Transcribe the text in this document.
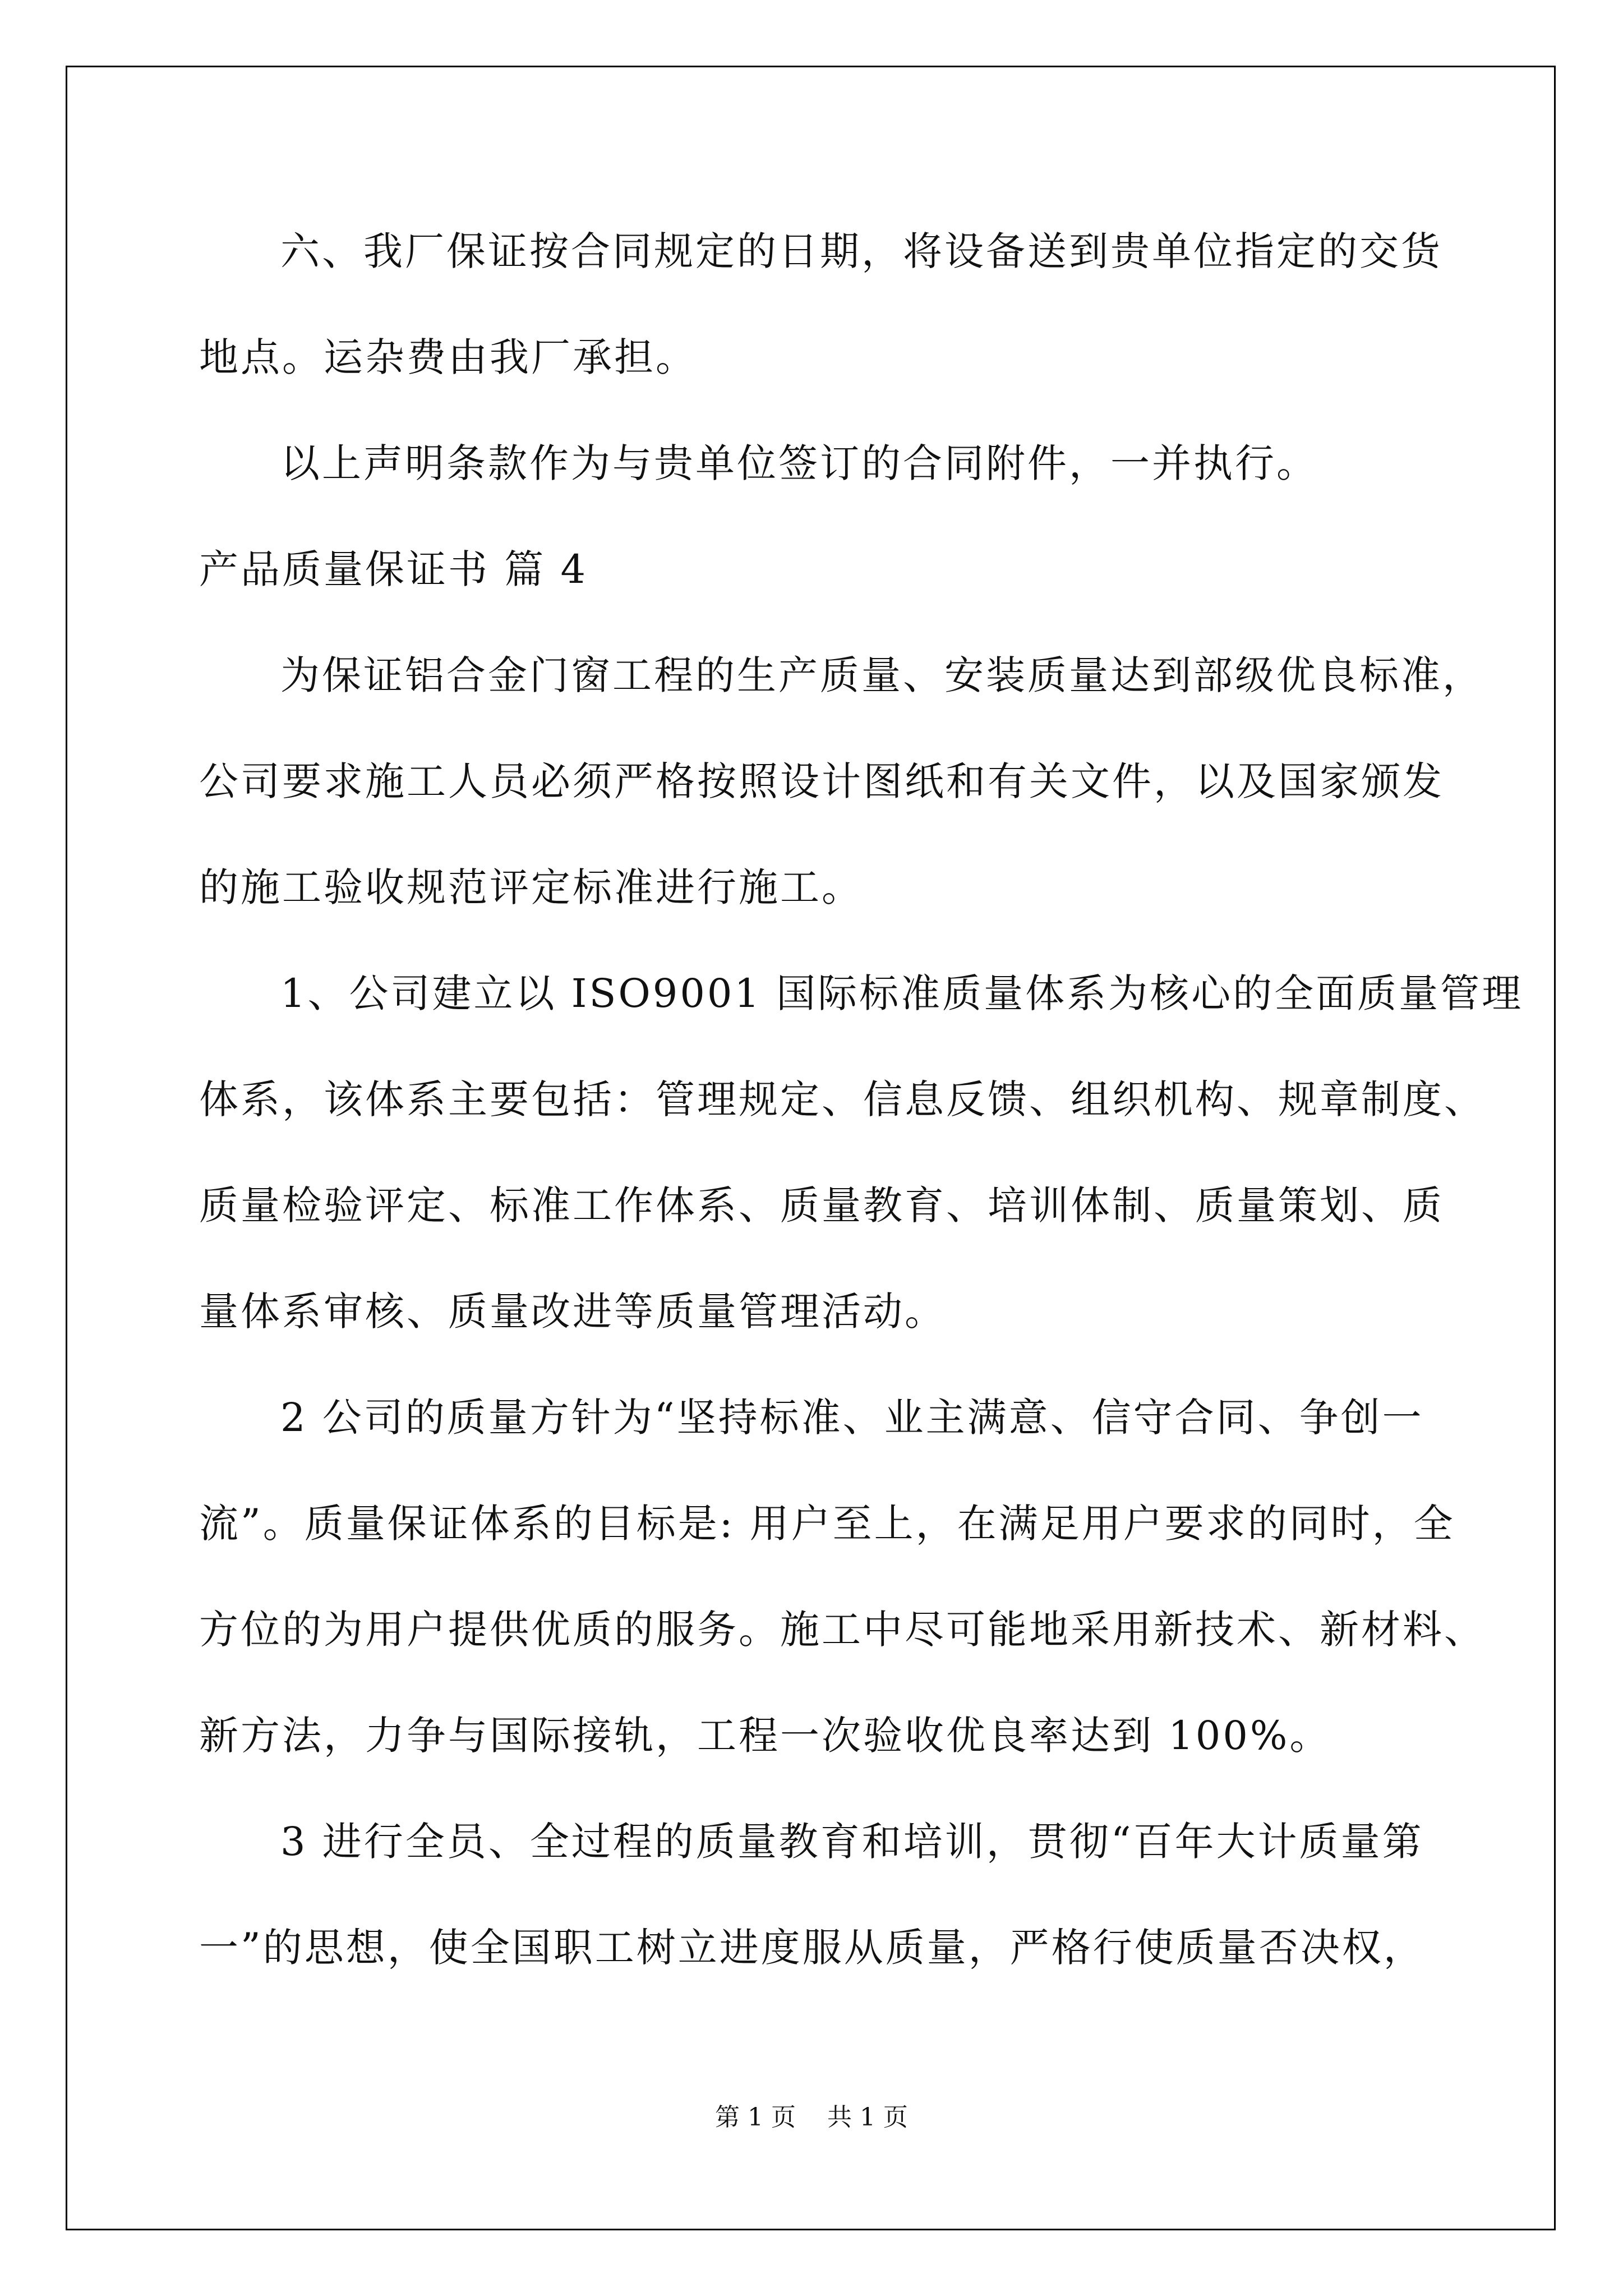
六、我厂保证按合同规定的日期，将设备送到贵单位指定的交货
地点。运杂费由我厂承担。
以上声明条款作为与贵单位签订的合同附件，一并执行。
产品质量保证书 篇 4
为保证铝合金门窗工程的生产质量、安装质量达到部级优良标准，
公司要求施工人员必须严格按照设计图纸和有关文件，以及国家颁发
的施工验收规范评定标准进行施工。
1、公司建立以 ISO9001 国际标准质量体系为核心的全面质量管理
体系，该体系主要包括：管理规定、信息反馈、组织机构、规章制度、
质量检验评定、标准工作体系、质量教育、培训体制、质量策划、质
量体系审核、质量改进等质量管理活动。
2 公司的质量方针为“坚持标准、业主满意、信守合同、争创一
流”。质量保证体系的目标是: 用户至上，在满足用户要求的同时，全
方位的为用户提供优质的服务。施工中尽可能地采用新技术、新材料、
新方法，力争与国际接轨，工程一次验收优良率达到 100%。
3 进行全员、全过程的质量教育和培训，贯彻“百年大计质量第
一”的思想，使全国职工树立进度服从质量，严格行使质量否决权，
第 1 页    共 1 页
